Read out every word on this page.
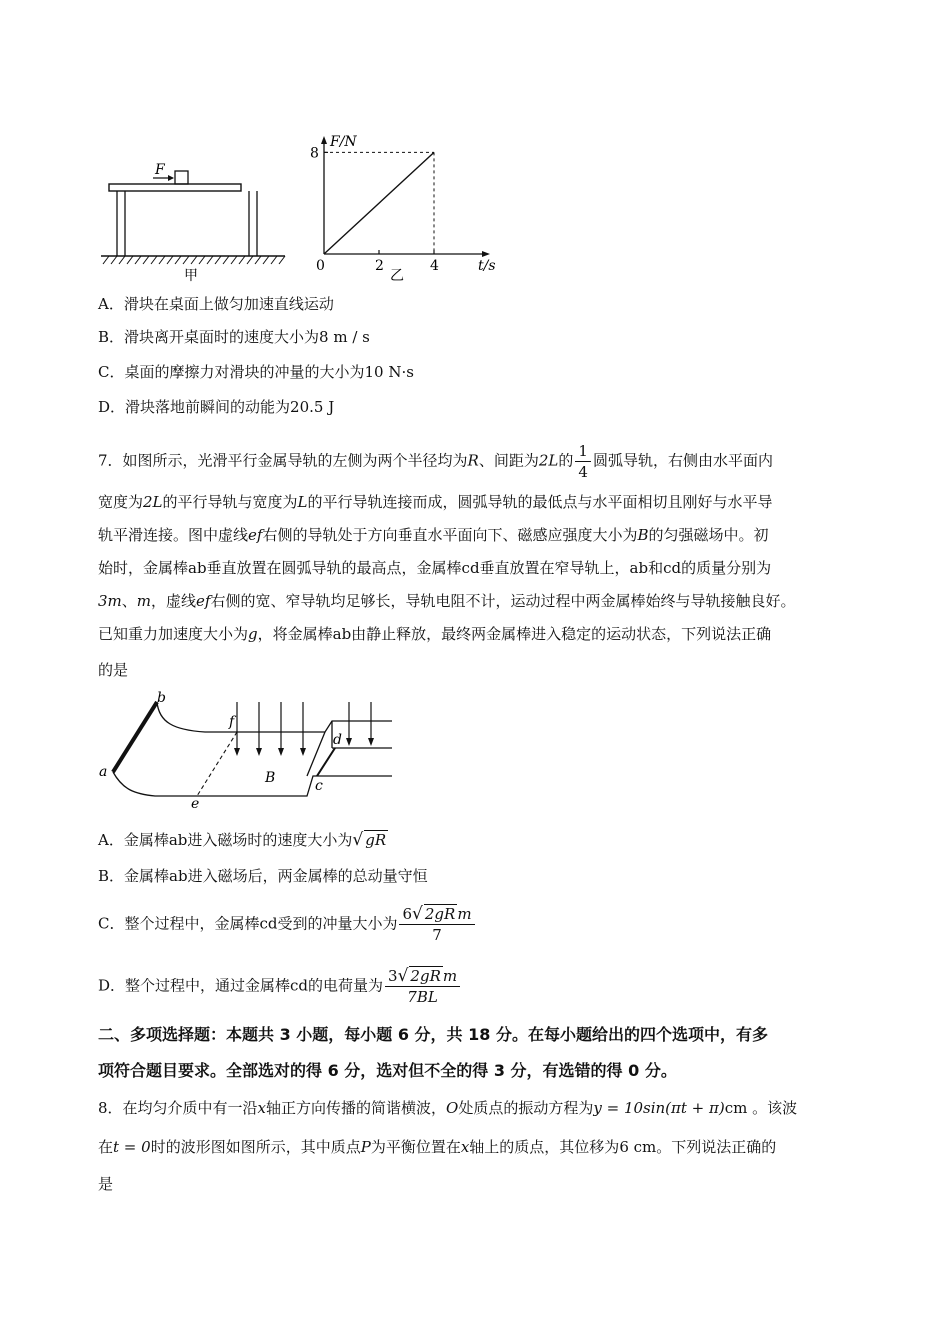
F
甲
F/N
t/s
0	2	4
8
乙
A．滑块在桌面上做匀加速直线运动
B．滑块离开桌面时的速度大小为8 m / s
C．桌面的摩擦力对滑块的冲量的大小为10 N·s
D．滑块落地前瞬间的动能为20.5 J
7．如图所示，光滑平行金属导轨的左侧为两个半径均为R、间距为2L的 $\frac{1}{4}$ 圆弧导轨，右侧由水平面内
宽度为2L的平行导轨与宽度为L的平行导轨连接而成，圆弧导轨的最低点与水平面相切且刚好与水平导
轨平滑连接。图中虚线ef右侧的导轨处于方向垂直水平面向下、磁感应强度大小为B的匀强磁场中。初
始时，金属棒ab垂直放置在圆弧导轨的最高点，金属棒cd垂直放置在窄导轨上，ab和cd的质量分别为
3m、m，虚线ef右侧的宽、窄导轨均足够长，导轨电阻不计，运动过程中两金属棒始终与导轨接触良好。
已知重力加速度大小为g，将金属棒ab由静止释放，最终两金属棒进入稳定的运动状态，下列说法正确
的是
b
f
d
a	B	c
e
A．金属棒ab进入磁场时的速度大小为√ gR
B．金属棒ab进入磁场后，两金属棒的总动量守恒
C．整个过程中，金属棒cd受到的冲量大小为 $\frac{\text{6√ 2gR m}}{7}$
D．整个过程中，通过金属棒cd的电荷量为 $\frac{\text{3√ 2gR m}}{7BL}$
二、多项选择题：本题共 3 小题，每小题 6 分，共 18 分。在每小题给出的四个选项中，有多
项符合题目要求。全部选对的得 6 分，选对但不全的得 3 分，有选错的得 0 分。
8．在均匀介质中有一沿x轴正方向传播的简谐横波，O处质点的振动方程为y = 10sin(πt + π)cm 。该波
在t = 0时的波形图如图所示，其中质点P为平衡位置在x轴上的质点，其位移为6 cm。下列说法正确的
是
